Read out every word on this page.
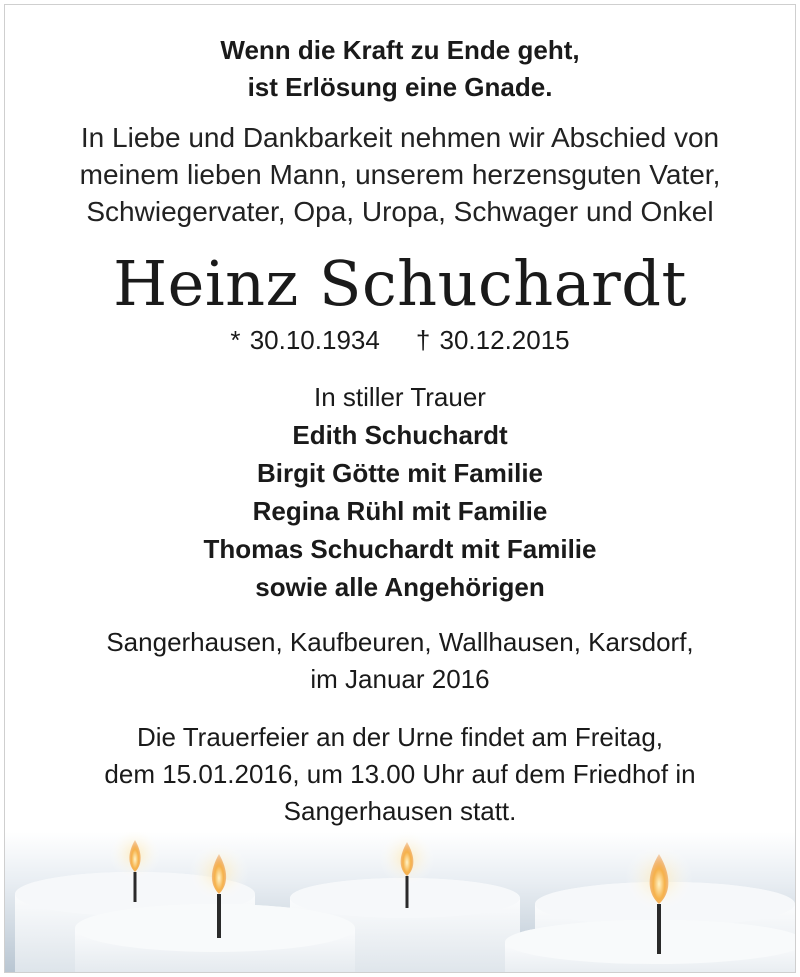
Wenn die Kraft zu Ende geht,
ist Erlösung eine Gnade.
In Liebe und Dankbarkeit nehmen wir Abschied von
meinem lieben Mann, unserem herzensguten Vater,
Schwiegervater, Opa, Uropa, Schwager und Onkel
Heinz Schuchardt
* 30.10.1934 † 30.12.2015
In stiller Trauer
Edith Schuchardt
Birgit Götte mit Familie
Regina Rühl mit Familie
Thomas Schuchardt mit Familie
sowie alle Angehörigen
Sangerhausen, Kaufbeuren, Wallhausen, Karsdorf,
im Januar 2016
Die Trauerfeier an der Urne findet am Freitag,
dem 15.01.2016, um 13.00 Uhr auf dem Friedhof in
Sangerhausen statt.
